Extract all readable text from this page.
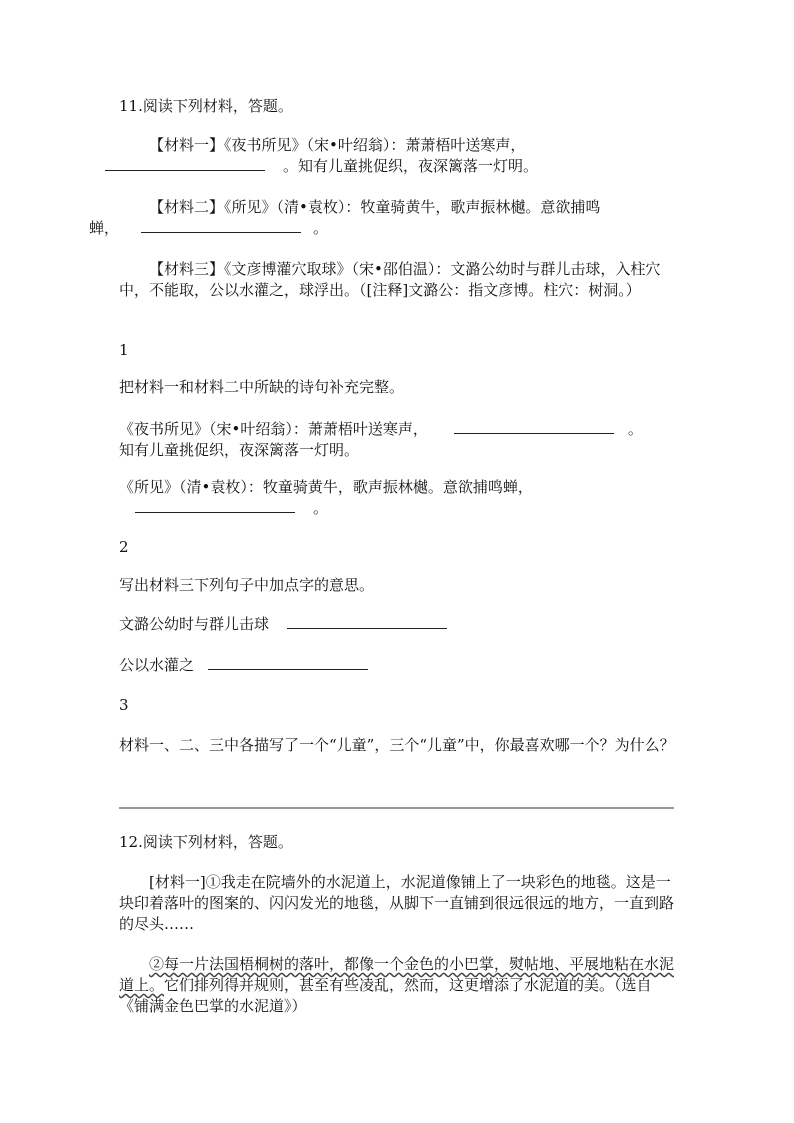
11.阅读下列材料，答题。

【材料一】《夜书所见》（宋•叶绍翁）：萧萧梧叶送寒声，
。知有儿童挑促织，夜深篱落一灯明。

【材料二】《所见》（清•袁枚）：牧童骑黄牛，歌声振林樾。意欲捕鸣
蝉，	。

【材料三】《文彦博灌穴取球》（宋•邵伯温）：文潞公幼时与群儿击球，入柱穴中，不能取，公以水灌之，球浮出。（[注释]文潞公：指文彦博。柱穴：树洞。）

1

把材料一和材料二中所缺的诗句补充完整。

《夜书所见》（宋•叶绍翁）：萧萧梧叶送寒声，	。
知有儿童挑促织，夜深篱落一灯明。

《所见》（清•袁枚）：牧童骑黄牛，歌声振林樾。意欲捕鸣蝉，
。

2

写出材料三下列句子中加点字的意思。

文潞公幼时与群儿击球

公以水灌之

3

材料一、二、三中各描写了一个“儿童”，三个“儿童”中，你最喜欢哪一个？为什么？

12.阅读下列材料，答题。

[材料一]①我走在院墙外的水泥道上，水泥道像铺上了一块彩色的地毯。这是一块印着落叶的图案的、闪闪发光的地毯，从脚下一直铺到很远很远的地方，一直到路的尽头……

②每一片法国梧桐树的落叶，都像一个金色的小巴掌，熨帖地、平展地粘在水泥道上。它们排列得并规则，甚至有些凌乱，然而，这更增添了水泥道的美。（选自《铺满金色巴掌的水泥道》）
